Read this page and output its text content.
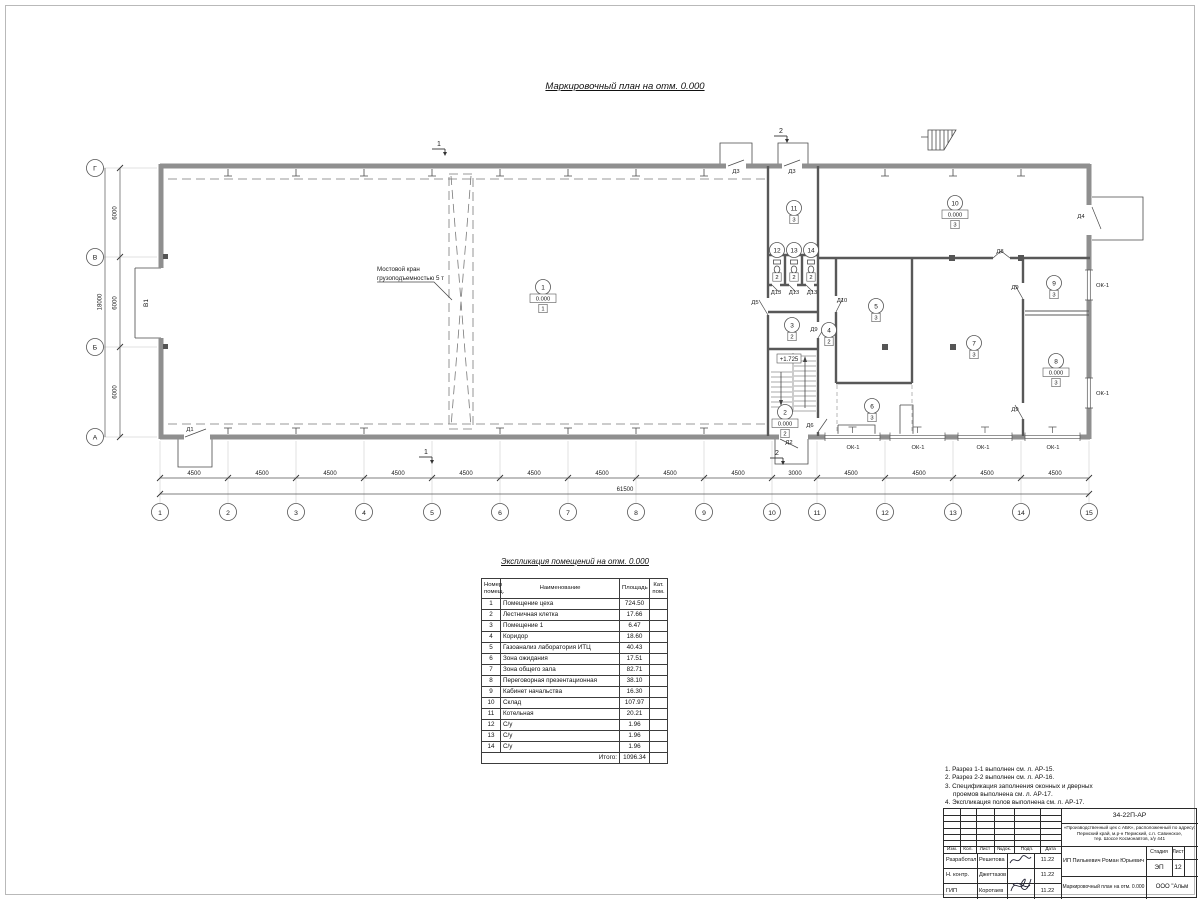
Маркировочный план на отм. 0.000
+1.725
В1
Мостовой кран
грузоподъемностью 5 т
1	2	3	4	5	6	7	8	9	10	11	12	13	14	15
4500	4500	4500	4500	4500	4500	4500	4500	4500	3000	4500	4500	4500	4500
61500
Г
В
Б
А
6000
6000
6000
18000
1
0.000
1
2
0.000
2
3
2
4
2
5
3
6
3
7
3
8
0.000
3
9
3
10
0.000
3
11
3
12
2
13
2
14
2
Д1
Д2
Д3	Д3
Д4
Д5
Д6
Д8
Д9
Д9
Д9
Д10
Д13 Д13 Д13
ОК-1	ОК-1	ОК-1	ОК-1
ОК-1
ОК-1
1
1
2
2
Экспликация помещений на отм. 0.000
Номер помещ.	Наименование	Площадь	Кат. пом.
1	Помещение цеха	724.50	
2	Лестничная клетка	17.66	
3	Помещение 1	6.47	
4	Коридор	18.60	
5	Газоанализ лаборатория ИТЦ	40.43	
6	Зона ожидания	17.51	
7	Зона общего зала	82.71	
8	Переговорная презентационная	38.10	
9	Кабинет начальства	16.30	
10	Склад	107.97	
11	Котельная	20.21	
12	С/у	1.96	
13	С/у	1.96	
14	С/у	1.96	
Итого:		1096.34	
1. Разрез 1-1 выполнен см. л. АР-15.
2. Разрез 2-2 выполнен см. л. АР-16.
3. Спецификация заполнения оконных и дверных
проемов выполнена см. л. АР-17.
4. Экспликация полов выполнена см. л. АР-17.
Изм.	Кол.	Лист	№док.	Подп.	Дата
Разработал Решетова	11.22
Н. контр.	Джеттазов	11.22
ГИП	Коротаев	11.22
34-22П-АР
«Производственный цех с АБК», расположенный по адресу:
Пермский край, м.р-н Пермский, с.п. Савинское,
тер. Шоссе Космонавтов, з/у 441
ИП Пилькевич Роман Юрьевич
Стадия Лист
ЭП	12
Маркировочный план на отм. 0.000	ООО "Альм
